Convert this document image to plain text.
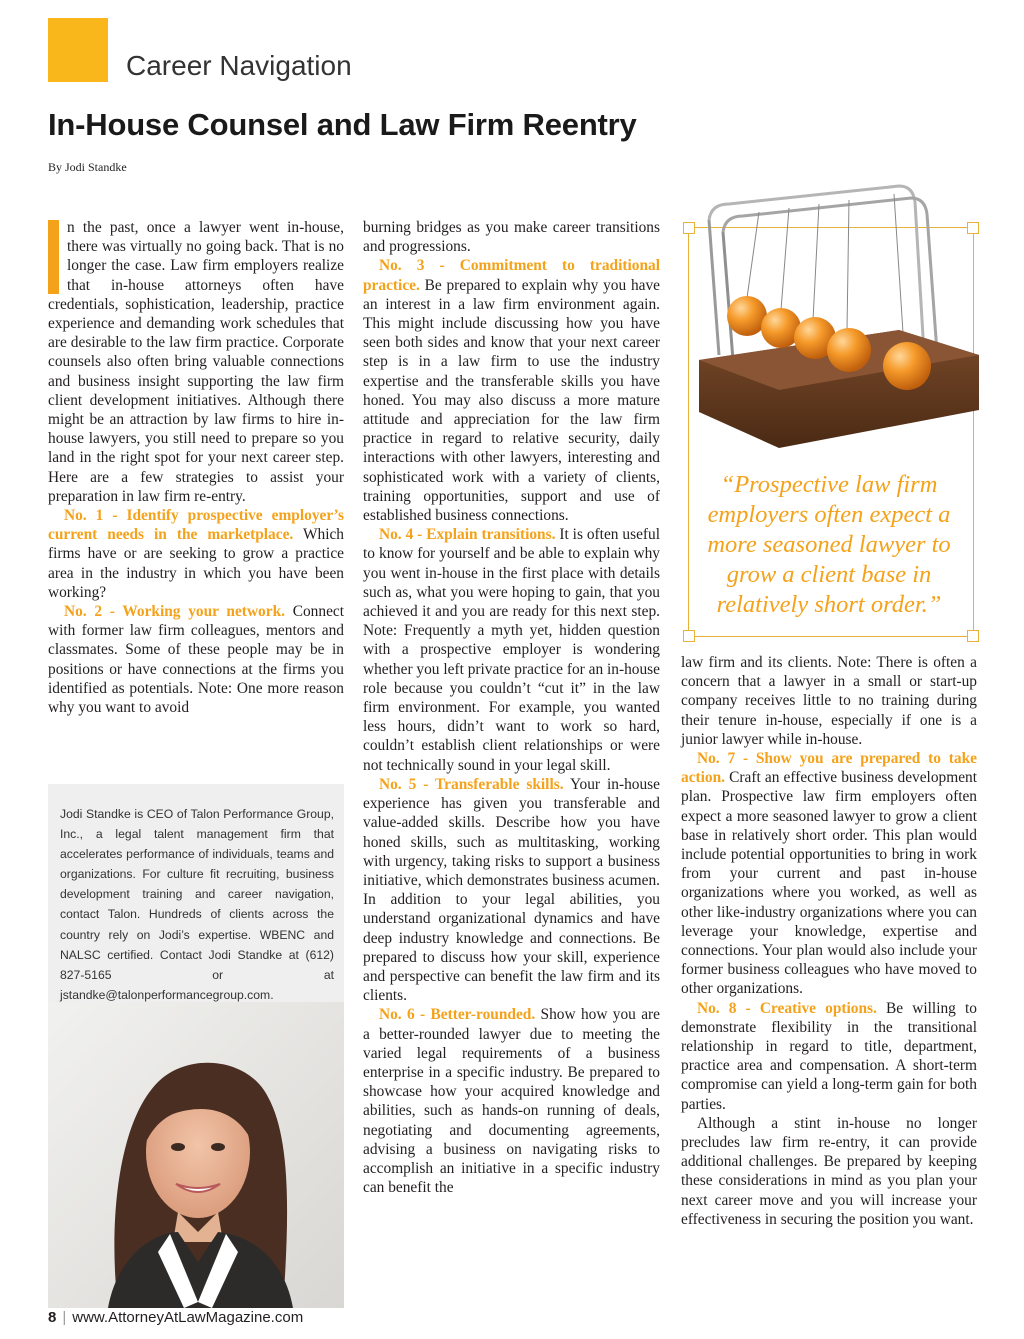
Career Navigation
In-House Counsel and Law Firm Reentry
By Jodi Standke

n the past, once a lawyer went in-house, there was virtually no going back. That is no longer the case. Law firm employers realize that in-house attorneys often have credentials, sophistication, leadership, practice experience and demanding work schedules that are desirable to the law firm practice. Corporate counsels also often bring valuable connections and business insight supporting the law firm client development initiatives. Although there might be an attraction by law firms to hire in-house lawyers, you still need to prepare so you land in the right spot for your next career step. Here are a few strategies to assist your preparation in law firm re-entry.

No. 1 - Identify prospective employer’s current needs in the marketplace. Which firms have or are seeking to grow a practice area in the industry in which you have been working?

No. 2 - Working your network. Connect with former law firm colleagues, mentors and classmates. Some of these people may be in positions or have connections at the firms you identified as potentials. Note: One more reason why you want to avoid

Jodi Standke is CEO of Talon Performance Group, Inc., a legal talent management firm that accelerates performance of individuals, teams and organizations. For culture fit recruiting, business development training and career navigation, contact Talon. Hundreds of clients across the country rely on Jodi’s expertise. WBENC and NALSC certified. Contact Jodi Standke at (612) 827-5165 or at jstandke@talonperformancegroup.com.

burning bridges as you make career transitions and progressions.

No. 3 - Commitment to traditional practice. Be prepared to explain why you have an interest in a law firm environment again. This might include discussing how you have seen both sides and know that your next career step is in a law firm to use the industry expertise and the transferable skills you have honed. You may also discuss a more mature attitude and appreciation for the law firm practice in regard to relative security, daily interactions with other lawyers, interesting and sophisticated work with a variety of clients, training opportunities, support and use of established business connections.

No. 4 - Explain transitions. It is often useful to know for yourself and be able to explain why you went in-house in the first place with details such as, what you were hoping to gain, that you achieved it and you are ready for this next step. Note: Frequently a myth yet, hidden question with a prospective employer is wondering whether you left private practice for an in-house role because you couldn’t “cut it” in the law firm environment. For example, you wanted less hours, didn’t want to work so hard, couldn’t establish client relationships or were not technically sound in your legal skill.

No. 5 - Transferable skills. Your in-house experience has given you transferable and value-added skills. Describe how you have honed skills, such as multitasking, working with urgency, taking risks to support a business initiative, which demonstrates business acumen. In addition to your legal abilities, you understand organizational dynamics and have deep industry knowledge and connections. Be prepared to discuss how your skill, experience and perspective can benefit the law firm and its clients.

No. 6 - Better-rounded. Show how you are a better-rounded lawyer due to meeting the varied legal requirements of a business enterprise in a specific industry. Be prepared to showcase how your acquired knowledge and abilities, such as hands-on running of deals, negotiating and documenting agreements, advising a business on navigating risks to accomplish an initiative in a specific industry can benefit the

“Prospective law firm employers often expect a more seasoned lawyer to grow a client base in relatively short order.”

law firm and its clients. Note: There is often a concern that a lawyer in a small or start-up company receives little to no training during their tenure in-house, especially if one is a junior lawyer while in-house.

No. 7 - Show you are prepared to take action. Craft an effective business development plan. Prospective law firm employers often expect a more seasoned lawyer to grow a client base in relatively short order. This plan would include potential opportunities to bring in work from your current and past in-house organizations where you worked, as well as other like-industry organizations where you can leverage your knowledge, expertise and connections. Your plan would also include your former business colleagues who have moved to other organizations.

No. 8 - Creative options. Be willing to demonstrate flexibility in the transitional relationship in regard to title, department, practice area and compensation. A short-term compromise can yield a long-term gain for both parties.

Although a stint in-house no longer precludes law firm re-entry, it can provide additional challenges. Be prepared by keeping these considerations in mind as you plan your next career move and you will increase your effectiveness in securing the position you want.

8 | www.AttorneyAtLawMagazine.com
